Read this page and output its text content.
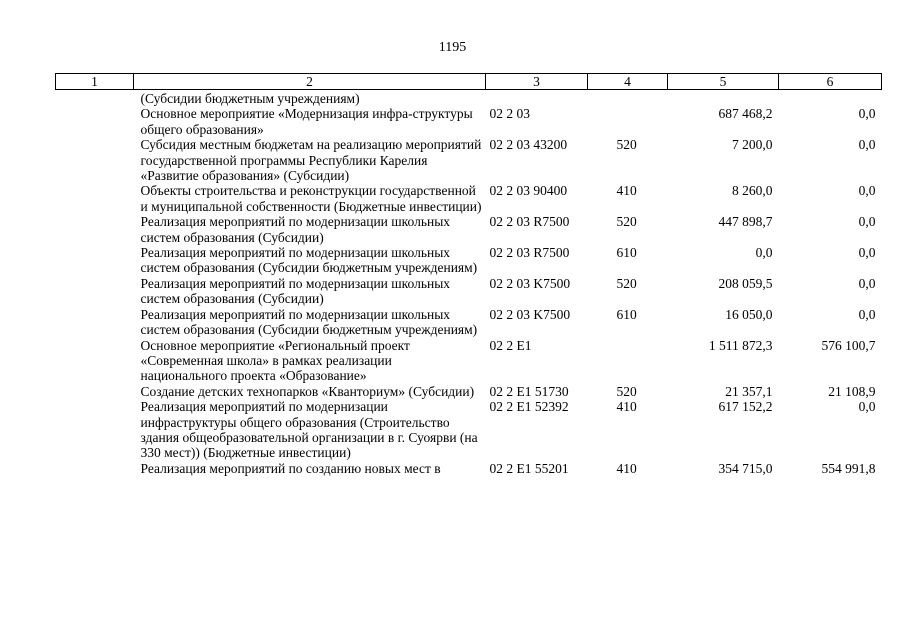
1195
1	2	3	4	5	6
	(Субсидии бюджетным учреждениям)				
	Основное мероприятие «Модернизация инфра-структуры общего образования»	02 2 03		687 468,2	0,0
	Субсидия местным бюджетам на реализацию мероприятий государственной программы Республики Карелия «Развитие образования» (Субсидии)	02 2 03 43200	520	7 200,0	0,0
	Объекты строительства и реконструкции государственной и муниципальной собственности (Бюджетные инвестиции)	02 2 03 90400	410	8 260,0	0,0
	Реализация мероприятий по модернизации школьных систем образования (Субсидии)	02 2 03 R7500	520	447 898,7	0,0
	Реализация мероприятий по модернизации школьных систем образования (Субсидии бюджетным учреждениям)	02 2 03 R7500	610	0,0	0,0
	Реализация мероприятий по модернизации школьных систем образования (Субсидии)	02 2 03 K7500	520	208 059,5	0,0
	Реализация мероприятий по модернизации школьных систем образования (Субсидии бюджетным учреждениям)	02 2 03 K7500	610	16 050,0	0,0
	Основное мероприятие «Региональный проект «Современная школа» в рамках реализации национального проекта «Образование»	02 2 E1		1 511 872,3	576 100,7
	Создание детских технопарков «Кванториум» (Субсидии)	02 2 E1 51730	520	21 357,1	21 108,9
	Реализация мероприятий по модернизации инфраструктуры общего образования (Строительство здания общеобразовательной организации в г. Суоярви (на 330 мест)) (Бюджетные инвестиции)	02 2 E1 52392	410	617 152,2	0,0
	Реализация мероприятий по созданию новых мест в	02 2 E1 55201	410	354 715,0	554 991,8
